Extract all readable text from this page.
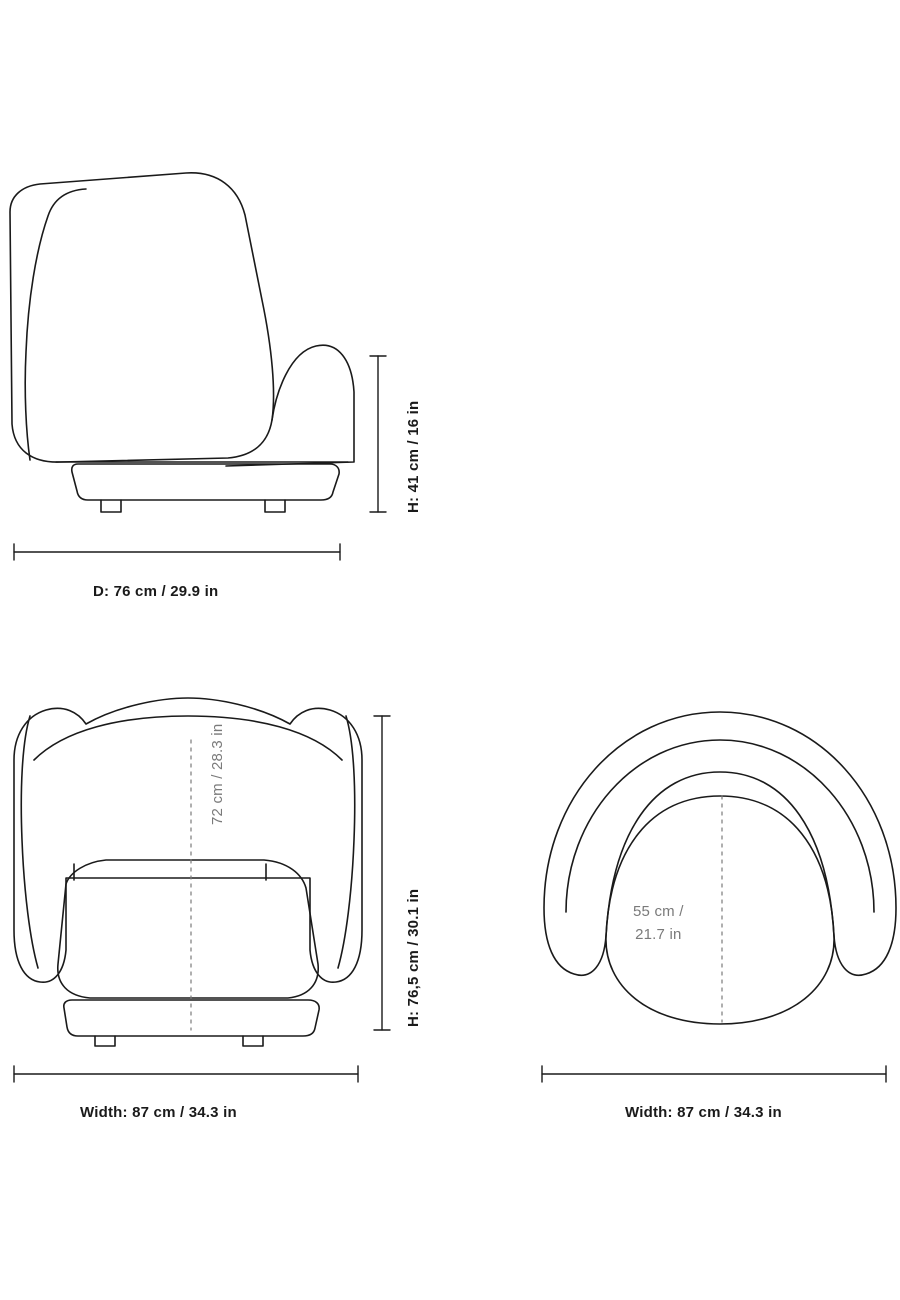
H: 41 cm / 16 in
D: 76 cm / 29.9 in
H: 76,5 cm / 30.1 in
72 cm / 28.3 in
Width: 87 cm / 34.3 in	Width: 87 cm / 34.3 in
55 cm /
21.7 in
